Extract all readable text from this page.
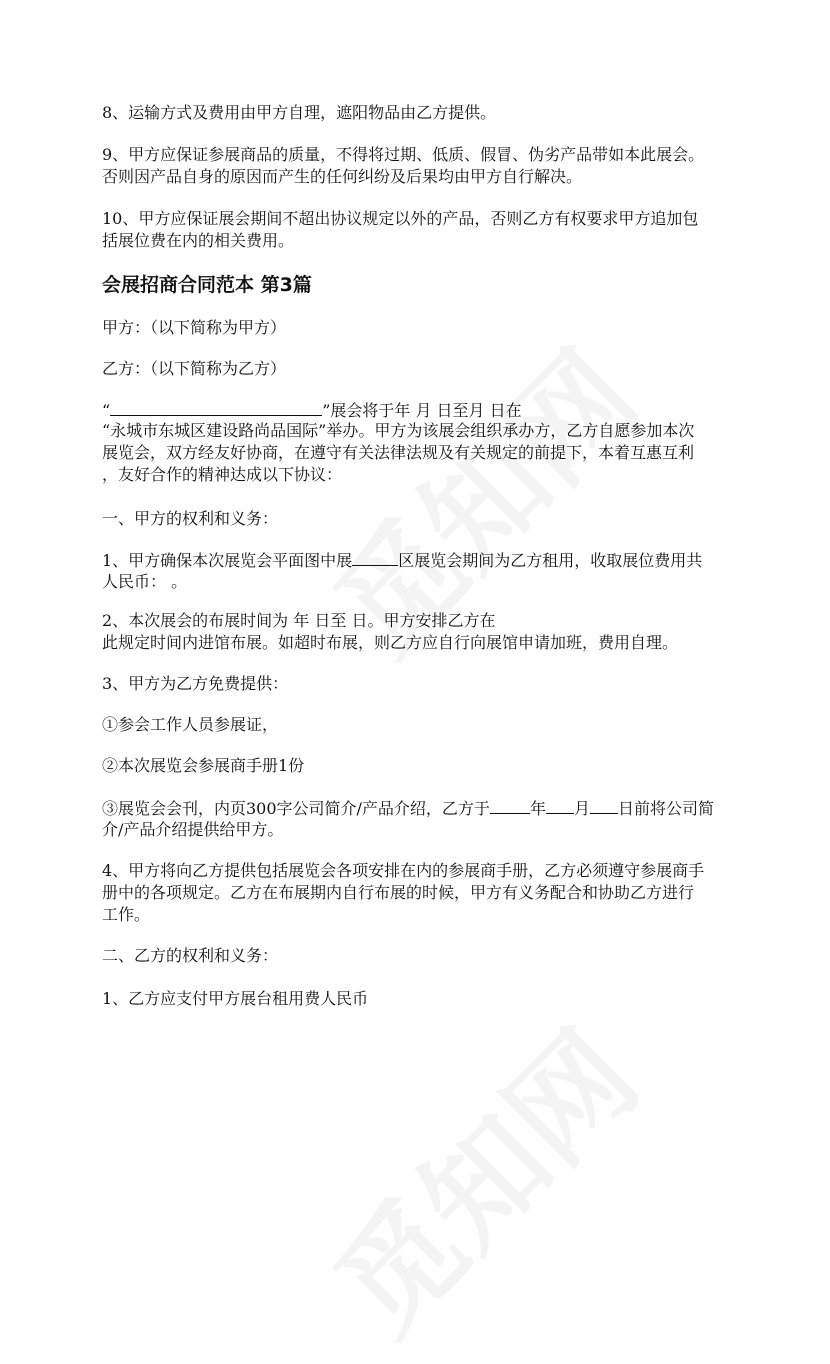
8、运输方式及费用由甲方自理，遮阳物品由乙方提供。
9、甲方应保证参展商品的质量，不得将过期、低质、假冒、伪劣产品带如本此展会。
否则因产品自身的原因而产生的任何纠纷及后果均由甲方自行解决。
10、甲方应保证展会期间不超出协议规定以外的产品，否则乙方有权要求甲方追加包
括展位费在内的相关费用。
会展招商合同范本 第3篇
甲方：（以下简称为甲方）
乙方：（以下简称为乙方）
“	”展会将于年 月 日至月 日在
“永城市东城区建设路尚品国际”举办。甲方为该展会组织承办方，乙方自愿参加本次
展览会，双方经友好协商，在遵守有关法律法规及有关规定的前提下，本着互惠互利
，友好合作的精神达成以下协议：
一、甲方的权利和义务：
1、甲方确保本次展览会平面图中展	区展览会期间为乙方租用，收取展位费用共
人民币： 。
2、本次展会的布展时间为 年 日至 日。甲方安排乙方在
此规定时间内进馆布展。如超时布展，则乙方应自行向展馆申请加班，费用自理。
3、甲方为乙方免费提供：
①参会工作人员参展证，
②本次展览会参展商手册1份
③展览会会刊，内页300字公司简介/产品介绍，乙方于	年 月 日前将公司简
介/产品介绍提供给甲方。
4、甲方将向乙方提供包括展览会各项安排在内的参展商手册，乙方必须遵守参展商手
册中的各项规定。乙方在布展期内自行布展的时候，甲方有义务配合和协助乙方进行
工作。
二、乙方的权利和义务：
1、乙方应支付甲方展台租用费人民币
